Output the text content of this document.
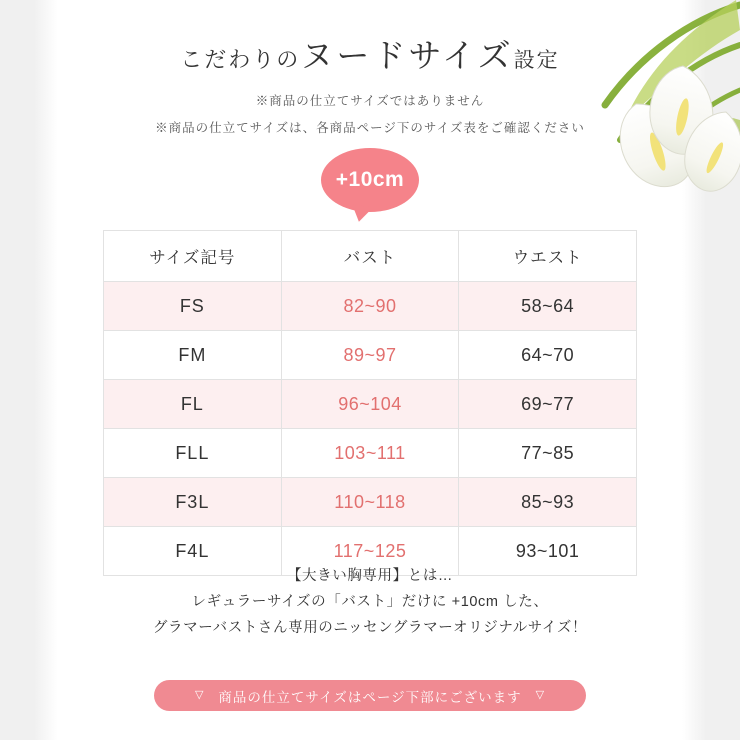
こだわりのヌードサイズ設定
※商品の仕立てサイズではありません
※商品の仕立てサイズは、各商品ページ下のサイズ表をご確認ください
+10cm
サイズ記号	バスト	ウエスト
FS	82~90	58~64
FM	89~97	64~70
FL	96~104	69~77
FLL	103~111	77~85
F3L	110~118	85~93
F4L	117~125	93~101
【大きい胸専用】とは…
レギュラーサイズの「バスト」だけに +10cm した、
グラマーバストさん専用のニッセングラマーオリジナルサイズ！
▽ 商品の仕立てサイズはページ下部にございます ▽
